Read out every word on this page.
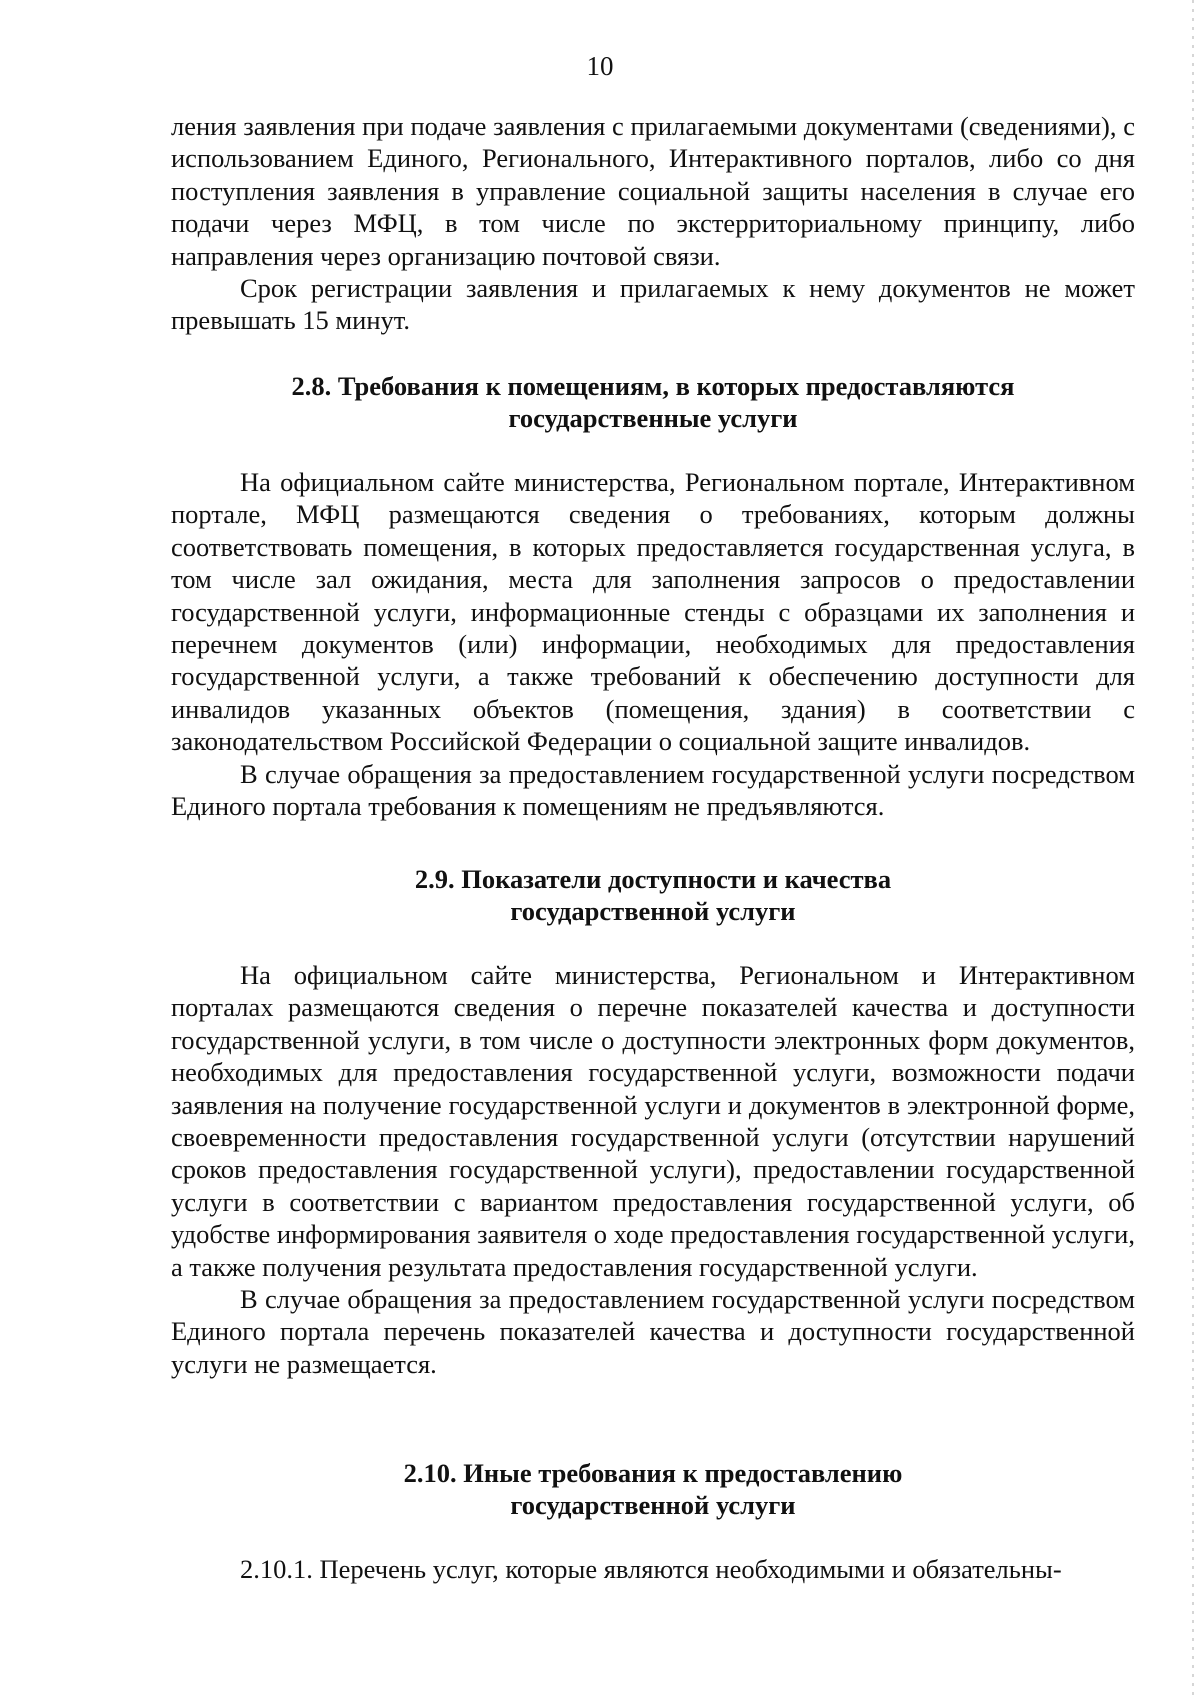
10

ления заявления при подаче заявления с прилагаемыми документами (сведениями), с использованием Единого, Регионального, Интерактивного порталов, либо со дня поступления заявления в управление социальной защиты населения в случае его подачи через МФЦ, в том числе по экстерриториальному принципу, либо направления через организацию почтовой связи.

Срок регистрации заявления и прилагаемых к нему документов не может превышать 15 минут.

2.8. Требования к помещениям, в которых предоставляются
государственные услуги

На официальном сайте министерства, Региональном портале, Интерактивном портале, МФЦ размещаются сведения о требованиях, которым должны соответствовать помещения, в которых предоставляется государственная услуга, в том числе зал ожидания, места для заполнения запросов о предоставлении государственной услуги, информационные стенды с образцами их заполнения и перечнем документов (или) информации, необходимых для предоставления государственной услуги, а также требований к обеспечению доступности для инвалидов указанных объектов (помещения, здания) в соответствии с законодательством Российской Федерации о социальной защите инвалидов.

В случае обращения за предоставлением государственной услуги посредством Единого портала требования к помещениям не предъявляются.

2.9. Показатели доступности и качества
государственной услуги

На официальном сайте министерства, Региональном и Интерактивном порталах размещаются сведения о перечне показателей качества и доступности государственной услуги, в том числе о доступности электронных форм документов, необходимых для предоставления государственной услуги, возможности подачи заявления на получение государственной услуги и документов в электронной форме, своевременности предоставления государственной услуги (отсутствии нарушений сроков предоставления государственной услуги), предоставлении государственной услуги в соответствии с вариантом предоставления государственной услуги, об удобстве информирования заявителя о ходе предоставления государственной услуги, а также получения результата предоставления государственной услуги.

В случае обращения за предоставлением государственной услуги посредством Единого портала перечень показателей качества и доступности государственной услуги не размещается.

2.10. Иные требования к предоставлению
государственной услуги

2.10.1. Перечень услуг, которые являются необходимыми и обязательны-
